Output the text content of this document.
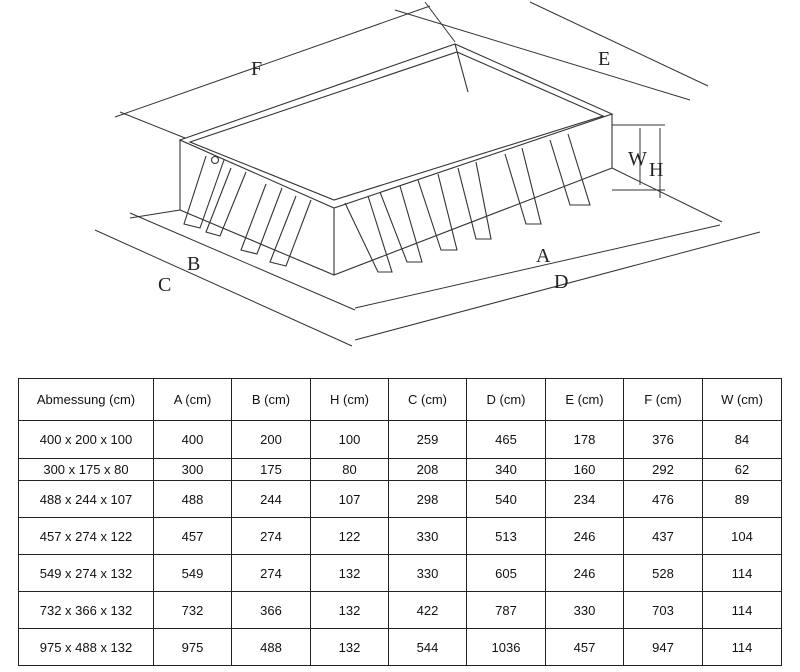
F	E
W H
B
C
A
D
Abmessung (cm)	A (cm)	B (cm)	H (cm)	C (cm)	D (cm)	E (cm)	F (cm)	W (cm)
400 x 200 x 100	400	200	100	259	465	178	376	84
300 x 175 x 80	300	175	80	208	340	160	292	62
488 x 244 x 107	488	244	107	298	540	234	476	89
457 x 274 x 122	457	274	122	330	513	246	437	104
549 x 274 x 132	549	274	132	330	605	246	528	114
732 x 366 x 132	732	366	132	422	787	330	703	114
975 x 488 x 132	975	488	132	544	1036	457	947	114
